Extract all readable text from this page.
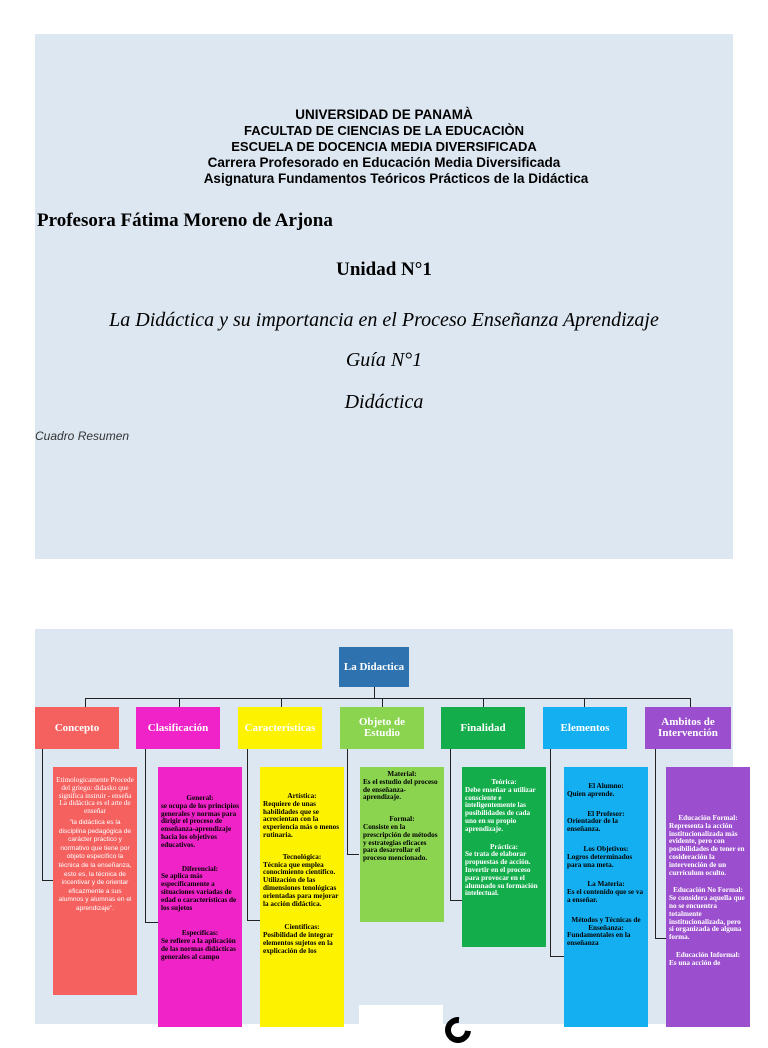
UNIVERSIDAD DE PANAMÀ
FACULTAD DE CIENCIAS DE LA EDUCACIÒN
ESCUELA DE DOCENCIA MEDIA DIVERSIFICADA
Carrera Profesorado en Educación Media Diversificada
Asignatura Fundamentos Teóricos Prácticos de la Didáctica
Profesora Fátima Moreno de Arjona
Unidad N°1
La Didáctica y su importancia en el Proceso Enseñanza Aprendizaje
Guía N°1
Didáctica
Cuadro Resumen
La Didactica
Concepto	Clasificación	Características	Objeto de Estudio	Finalidad	Elementos	Ambitos de Intervención
Etimologicamente Procede del griego: didasko que significa instruir - enseña
La didáctica es el arte de enseñar
"la didáctica es la disciplina pedagógica de carácter práctico y normativo que tiene por objeto específico la técnica de la enseñanza, esto es, la técnica de incentivar y de orientar eficazmente a sus alumnos y alumnas en el aprendizaje".
General:
se ocupa de los principios generales y normas para dirigir el proceso de enseñanza-aprendizaje hacia los objetivos educativos.
Diferencial:
Se aplica más específicamente a situaciones variadas de edad o características de los sujetos
Específicas:
Se refiere a la aplicación de las normas didácticas generales al campo
Artística:
Requiere de unas habilidades que se acrecientan con la experiencia más o menos rutinaria.
Tecnológica:
Técnica que emplea conocimiento científico. Utilización de las dimensiones tenológicas orientadas para mejorar la acción didáctica.
Científicas:
Posibilidad de integrar elementos sujetos en la explicación de los
Material:
Es el estudio del proceso de enseñanza-aprendizaje.
Formal:
Consiste en la prescripción de métodos y estrategias eficaces para desarrollar el proceso mencionado.
Teórica:
Debe enseñar a utilizar consciente e inteligentemente las posibilidades de cada uno en su propio aprendizaje.
Práctica:
Se trata de elaborar propuestas de acción. Invertir en el proceso para provocar en el alumnado su formación intelectual.
El Alumno:
Quien aprende.
El Profesor:
Orientador de la enseñanza.
Los Objetivos:
Logros determinados para una meta.
La Materia:
Es el contenido que se va a enseñar.
Métodos y Técnicas de Enseñanza:
Fundamentales en la enseñanza
Educación Formal:
Representa la acción institucionalizada más evidente, pero con posibilidades de tener en cosideración la intervención de un currículum oculto.
Educación No Formal:
Se considera aquella que no se encuentra totalmente institucionalizada, pero si organizada de alguna forma.
Educación Informal:
Es una acción de
